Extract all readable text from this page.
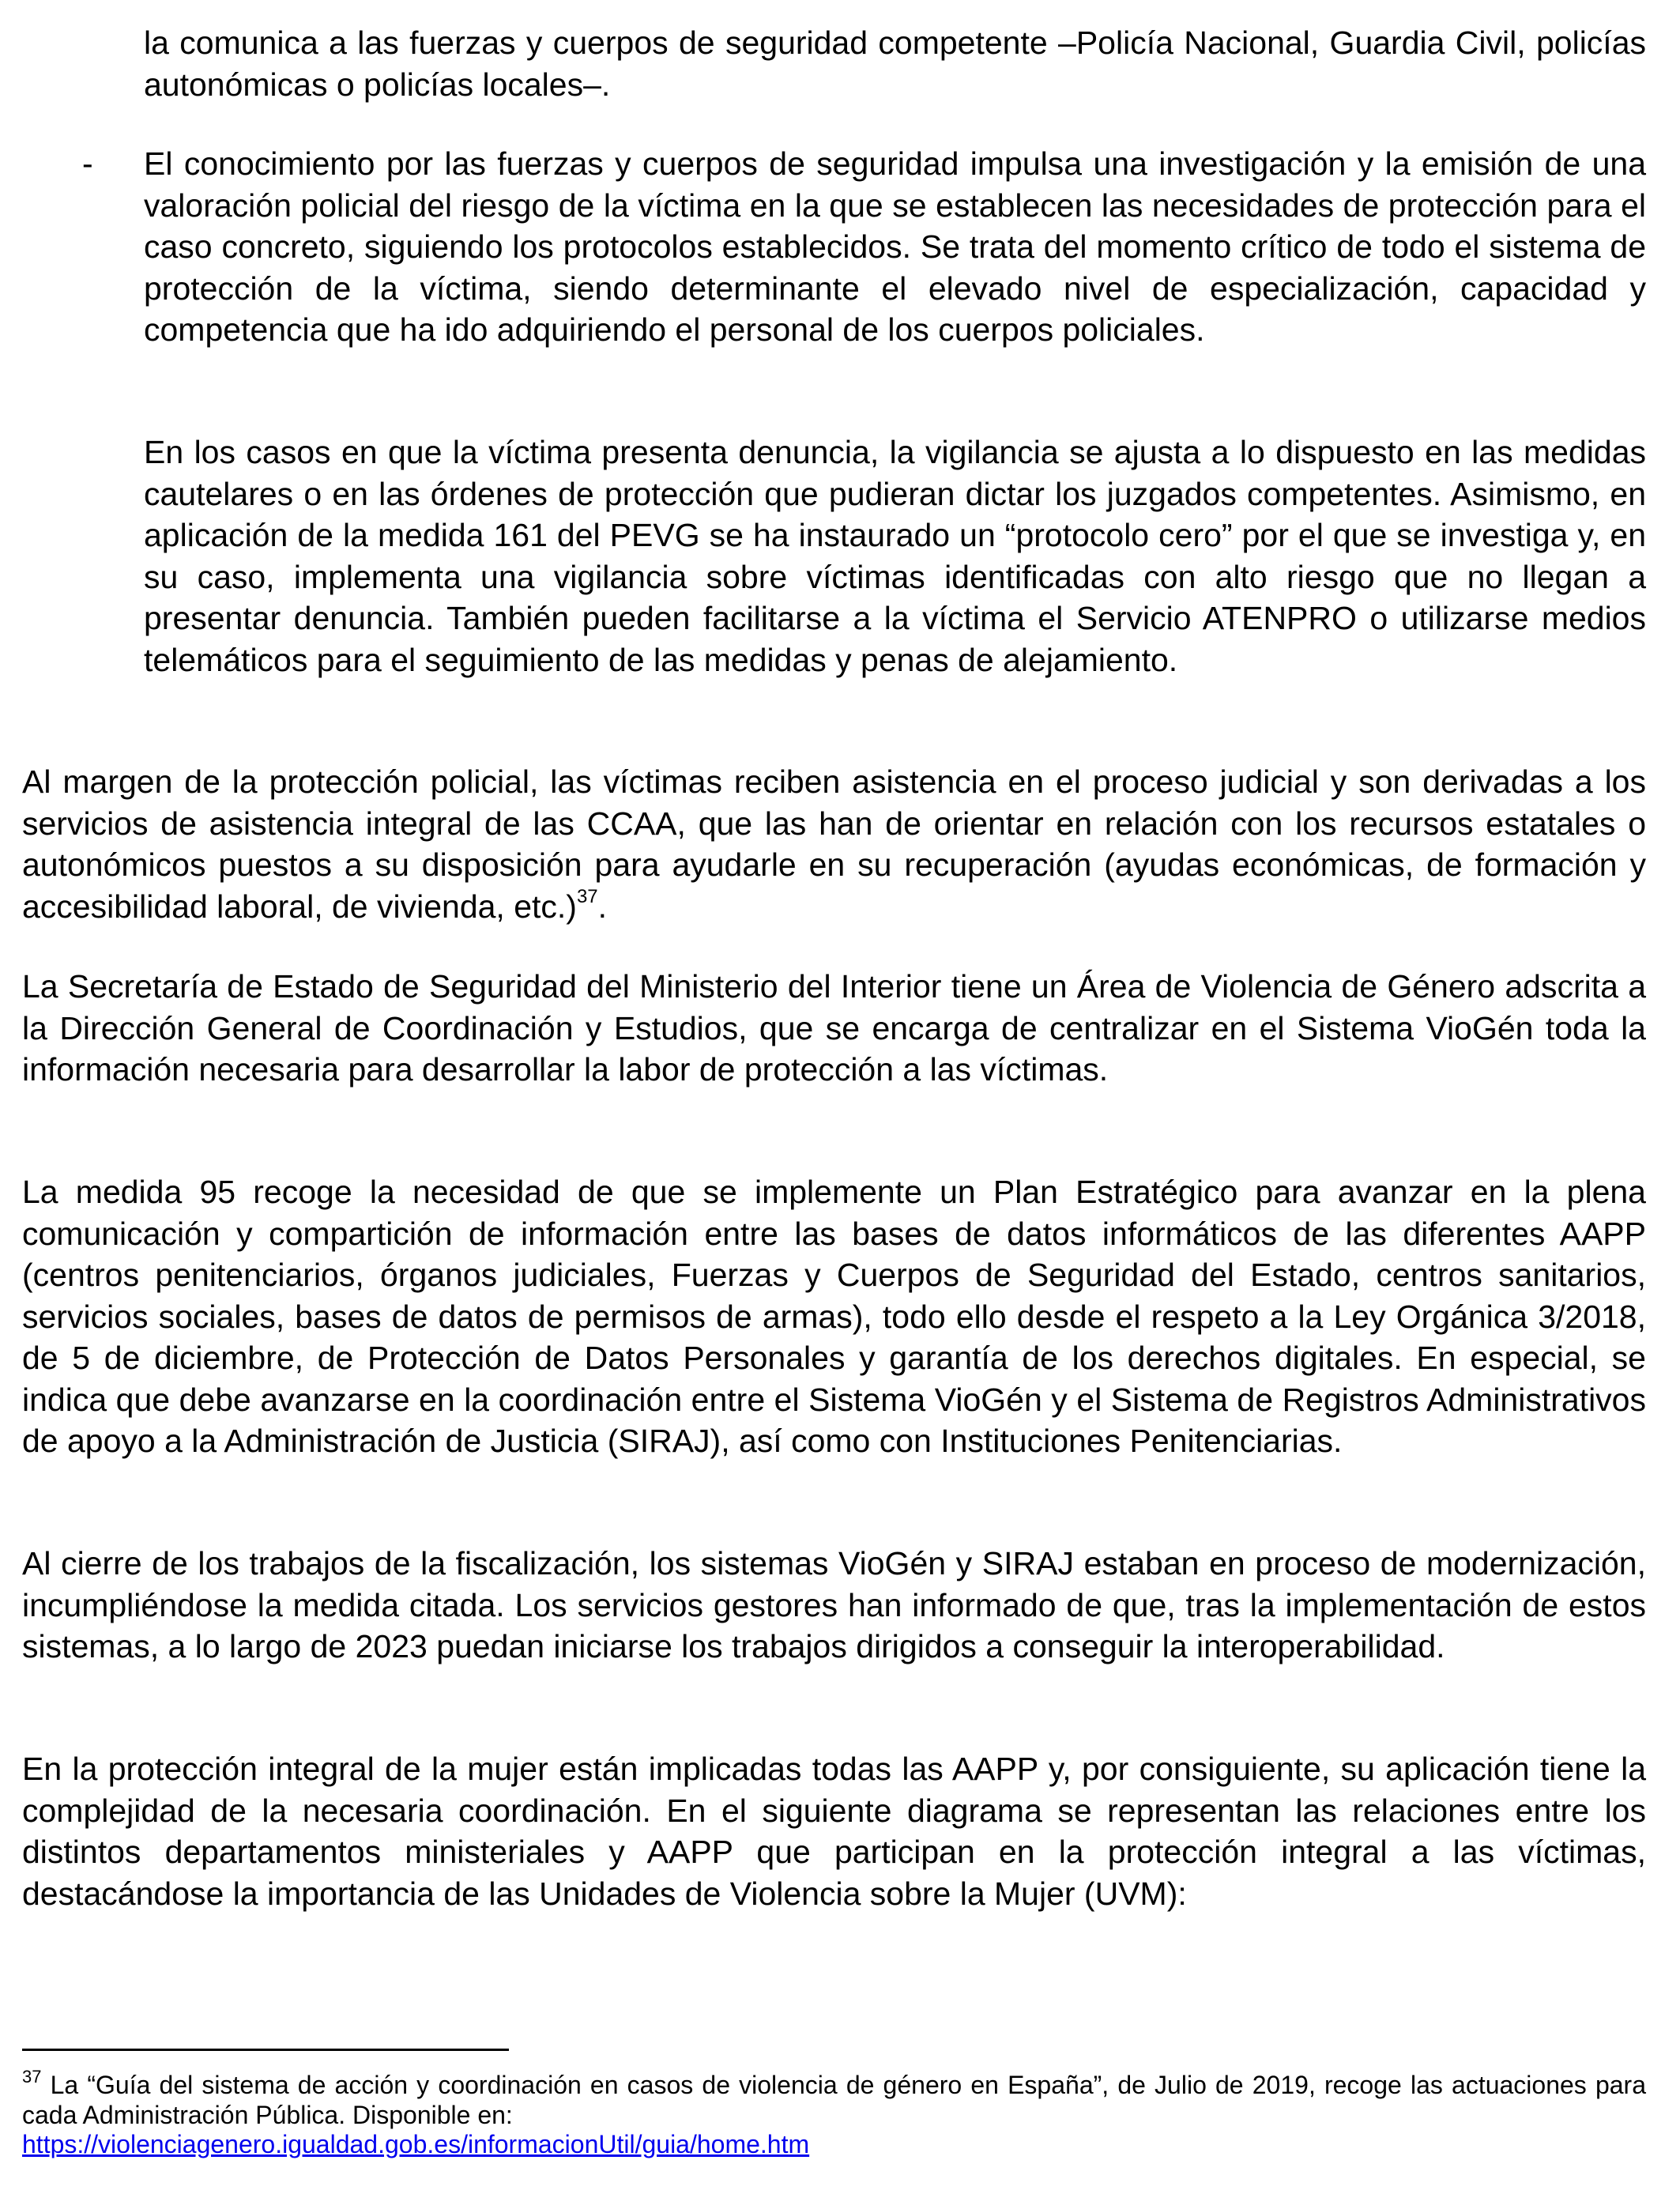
la comunica a las fuerzas y cuerpos de seguridad competente –Policía Nacional, Guardia Civil, policías autonómicas o policías locales–.

- El conocimiento por las fuerzas y cuerpos de seguridad impulsa una investigación y la emisión de una valoración policial del riesgo de la víctima en la que se establecen las necesidades de protección para el caso concreto, siguiendo los protocolos establecidos. Se trata del momento crítico de todo el sistema de protección de la víctima, siendo determinante el elevado nivel de especialización, capacidad y competencia que ha ido adquiriendo el personal de los cuerpos policiales.

En los casos en que la víctima presenta denuncia, la vigilancia se ajusta a lo dispuesto en las medidas cautelares o en las órdenes de protección que pudieran dictar los juzgados competentes. Asimismo, en aplicación de la medida 161 del PEVG se ha instaurado un “protocolo cero” por el que se investiga y, en su caso, implementa una vigilancia sobre víctimas identificadas con alto riesgo que no llegan a presentar denuncia. También pueden facilitarse a la víctima el Servicio ATENPRO o utilizarse medios telemáticos para el seguimiento de las medidas y penas de alejamiento.

Al margen de la protección policial, las víctimas reciben asistencia en el proceso judicial y son derivadas a los servicios de asistencia integral de las CCAA, que las han de orientar en relación con los recursos estatales o autonómicos puestos a su disposición para ayudarle en su recuperación (ayudas económicas, de formación y accesibilidad laboral, de vivienda, etc.)$^{37}$.

La Secretaría de Estado de Seguridad del Ministerio del Interior tiene un Área de Violencia de Género adscrita a la Dirección General de Coordinación y Estudios, que se encarga de centralizar en el Sistema VioGén toda la información necesaria para desarrollar la labor de protección a las víctimas.

La medida 95 recoge la necesidad de que se implemente un Plan Estratégico para avanzar en la plena comunicación y compartición de información entre las bases de datos informáticos de las diferentes AAPP (centros penitenciarios, órganos judiciales, Fuerzas y Cuerpos de Seguridad del Estado, centros sanitarios, servicios sociales, bases de datos de permisos de armas), todo ello desde el respeto a la Ley Orgánica 3/2018, de 5 de diciembre, de Protección de Datos Personales y garantía de los derechos digitales. En especial, se indica que debe avanzarse en la coordinación entre el Sistema VioGén y el Sistema de Registros Administrativos de apoyo a la Administración de Justicia (SIRAJ), así como con Instituciones Penitenciarias.

Al cierre de los trabajos de la fiscalización, los sistemas VioGén y SIRAJ estaban en proceso de modernización, incumpliéndose la medida citada. Los servicios gestores han informado de que, tras la implementación de estos sistemas, a lo largo de 2023 puedan iniciarse los trabajos dirigidos a conseguir la interoperabilidad.

En la protección integral de la mujer están implicadas todas las AAPP y, por consiguiente, su aplicación tiene la complejidad de la necesaria coordinación. En el siguiente diagrama se representan las relaciones entre los distintos departamentos ministeriales y AAPP que participan en la protección integral a las víctimas, destacándose la importancia de las Unidades de Violencia sobre la Mujer (UVM):

$^{37}$ La “Guía del sistema de acción y coordinación en casos de violencia de género en España”, de Julio de 2019, recoge las actuaciones para cada Administración Pública. Disponible en:
https://violenciagenero.igualdad.gob.es/informacionUtil/guia/home.htm
